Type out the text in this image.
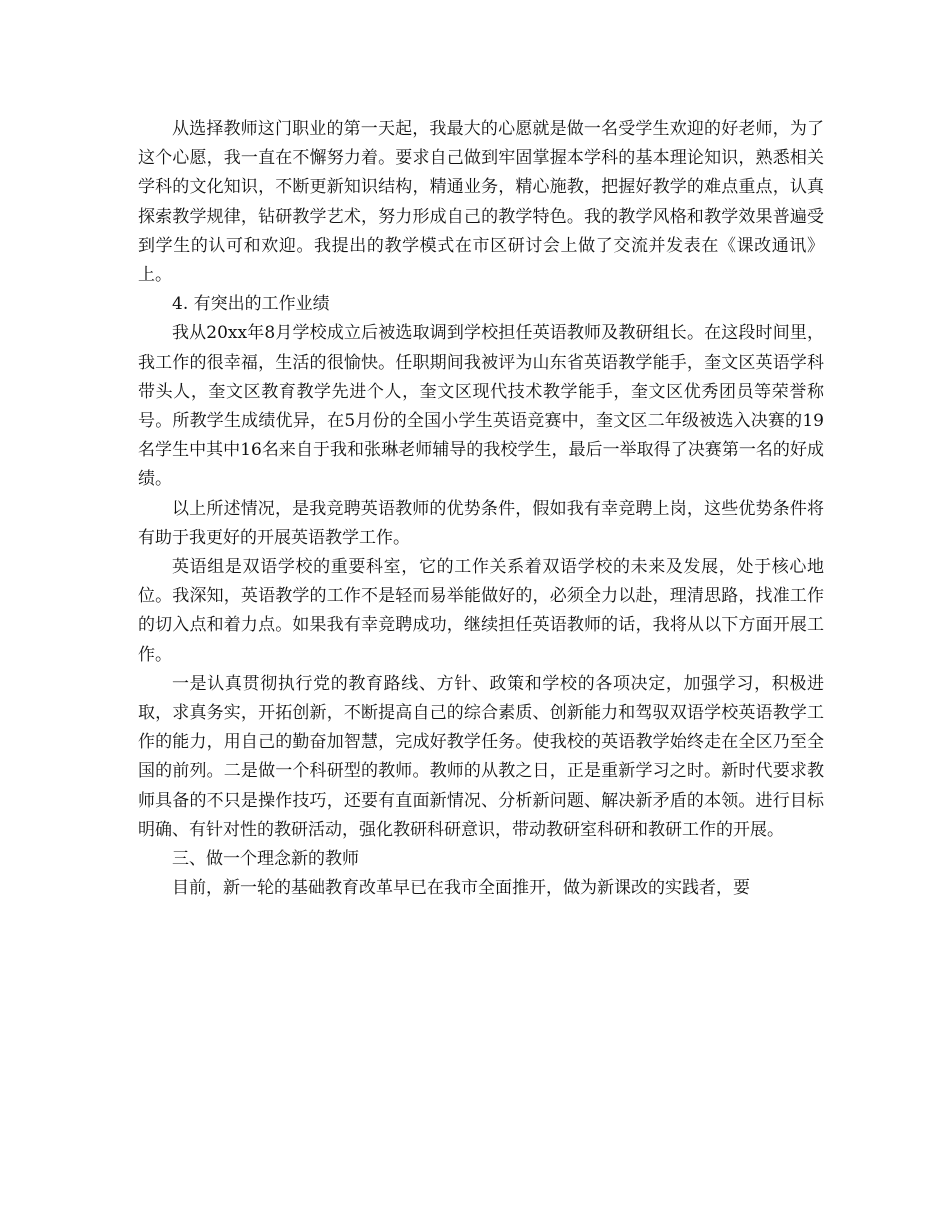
从选择教师这门职业的第一天起，我最大的心愿就是做一名受学生欢迎的好老师，为了这个心愿，我一直在不懈努力着。要求自己做到牢固掌握本学科的基本理论知识，熟悉相关学科的文化知识，不断更新知识结构，精通业务，精心施教，把握好教学的难点重点，认真探索教学规律，钻研教学艺术，努力形成自己的教学特色。我的教学风格和教学效果普遍受到学生的认可和欢迎。我提出的教学模式在市区研讨会上做了交流并发表在《课改通讯》上。

4. 有突出的工作业绩

我从20xx年8月学校成立后被选取调到学校担任英语教师及教研组长。在这段时间里，我工作的很幸福，生活的很愉快。任职期间我被评为山东省英语教学能手，奎文区英语学科带头人，奎文区教育教学先进个人，奎文区现代技术教学能手，奎文区优秀团员等荣誉称号。所教学生成绩优异，在5月份的全国小学生英语竞赛中，奎文区二年级被选入决赛的19名学生中其中16名来自于我和张琳老师辅导的我校学生，最后一举取得了决赛第一名的好成绩。

以上所述情况，是我竞聘英语教师的优势条件，假如我有幸竞聘上岗，这些优势条件将有助于我更好的开展英语教学工作。

英语组是双语学校的重要科室，它的工作关系着双语学校的未来及发展，处于核心地位。我深知，英语教学的工作不是轻而易举能做好的，必须全力以赴，理清思路，找准工作的切入点和着力点。如果我有幸竞聘成功，继续担任英语教师的话，我将从以下方面开展工作。

一是认真贯彻执行党的教育路线、方针、政策和学校的各项决定，加强学习，积极进取，求真务实，开拓创新，不断提高自己的综合素质、创新能力和驾驭双语学校英语教学工作的能力，用自己的勤奋加智慧，完成好教学任务。使我校的英语教学始终走在全区乃至全国的前列。二是做一个科研型的教师。教师的从教之日，正是重新学习之时。新时代要求教师具备的不只是操作技巧，还要有直面新情况、分析新问题、解决新矛盾的本领。进行目标明确、有针对性的教研活动，强化教研科研意识，带动教研室科研和教研工作的开展。

三、做一个理念新的教师

目前，新一轮的基础教育改革早已在我市全面推开，做为新课改的实践者，要
